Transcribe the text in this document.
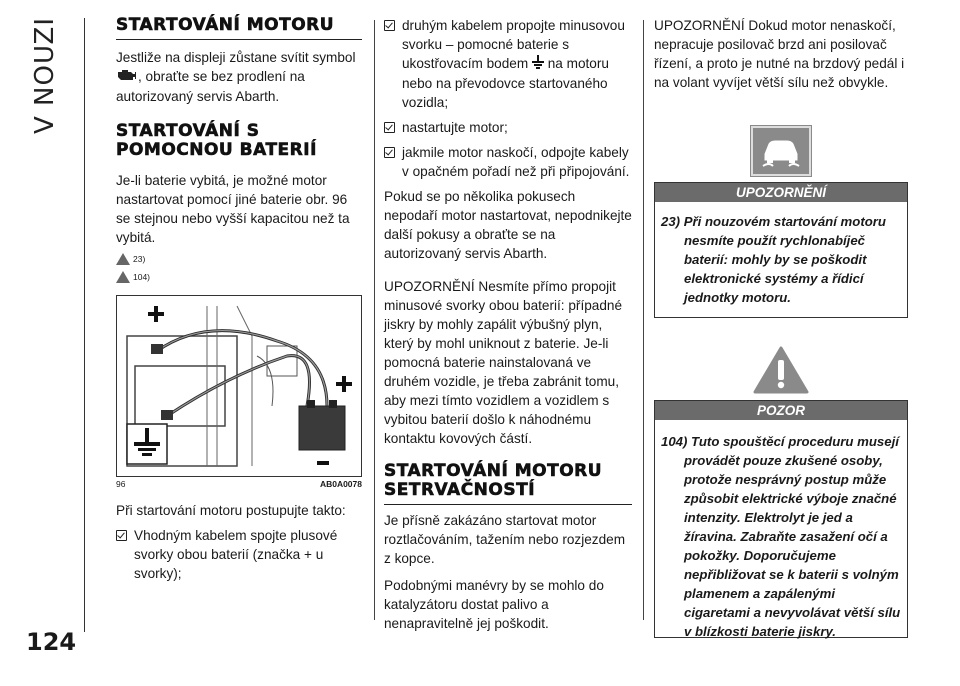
V NOUZI
124
STARTOVÁNÍ MOTORU

Jestliže na displeji zůstane svítit symbol
, obraťte se bez prodlení na autorizovaný servis Abarth.

STARTOVÁNÍ S POMOCNOU BATERIÍ

Je-li baterie vybitá, je možné motor nastartovat pomocí jiné baterie obr. 96 se stejnou nebo vyšší kapacitou než ta vybitá.

23)
104)
96	AB0A0078

Při startování motoru postupujte takto:

Vhodným kabelem spojte plusové svorky obou baterií (značka + u svorky);
druhým kabelem propojte minusovou svorku – pomocné baterie s ukostřovacím bodem na motoru nebo na převodovce startovaného vozidla;
nastartujte motor;
jakmile motor naskočí, odpojte kabely v opačném pořadí než při připojování.

Pokud se po několika pokusech nepodaří motor nastartovat, nepodnikejte další pokusy a obraťte se na autorizovaný servis Abarth.

UPOZORNĚNÍ Nesmíte přímo propojit minusové svorky obou baterií: případné jiskry by mohly zapálit výbušný plyn, který by mohl uniknout z baterie. Je-li pomocná baterie nainstalovaná ve druhém vozidle, je třeba zabránit tomu, aby mezi tímto vozidlem a vozidlem s vybitou baterií došlo k náhodnému kontaktu kovových částí.

STARTOVÁNÍ MOTORU SETRVAČNOSTÍ

Je přísně zakázáno startovat motor roztlačováním, tažením nebo rozjezdem z kopce.

Podobnými manévry by se mohlo do katalyzátoru dostat palivo a nenapravitelně jej poškodit.

UPOZORNĚNÍ Dokud motor nenaskočí, nepracuje posilovač brzd ani posilovač řízení, a proto je nutné na brzdový pedál i na volant vyvíjet větší sílu než obvykle.

UPOZORNĚNÍ

23) Při nouzovém startování motoru nesmíte použít rychlonabíječ baterií: mohly by se poškodit elektronické systémy a řídicí jednotky motoru.

POZOR

104) Tuto spouštěcí proceduru musejí provádět pouze zkušené osoby, protože nesprávný postup může způsobit elektrické výboje značné intenzity. Elektrolyt je jed a žíravina. Zabraňte zasažení očí a pokožky. Doporučujeme nepřibližovat se k baterii s volným plamenem a zapálenými cigaretami a nevyvolávat větší sílu v blízkosti baterie jiskry.
